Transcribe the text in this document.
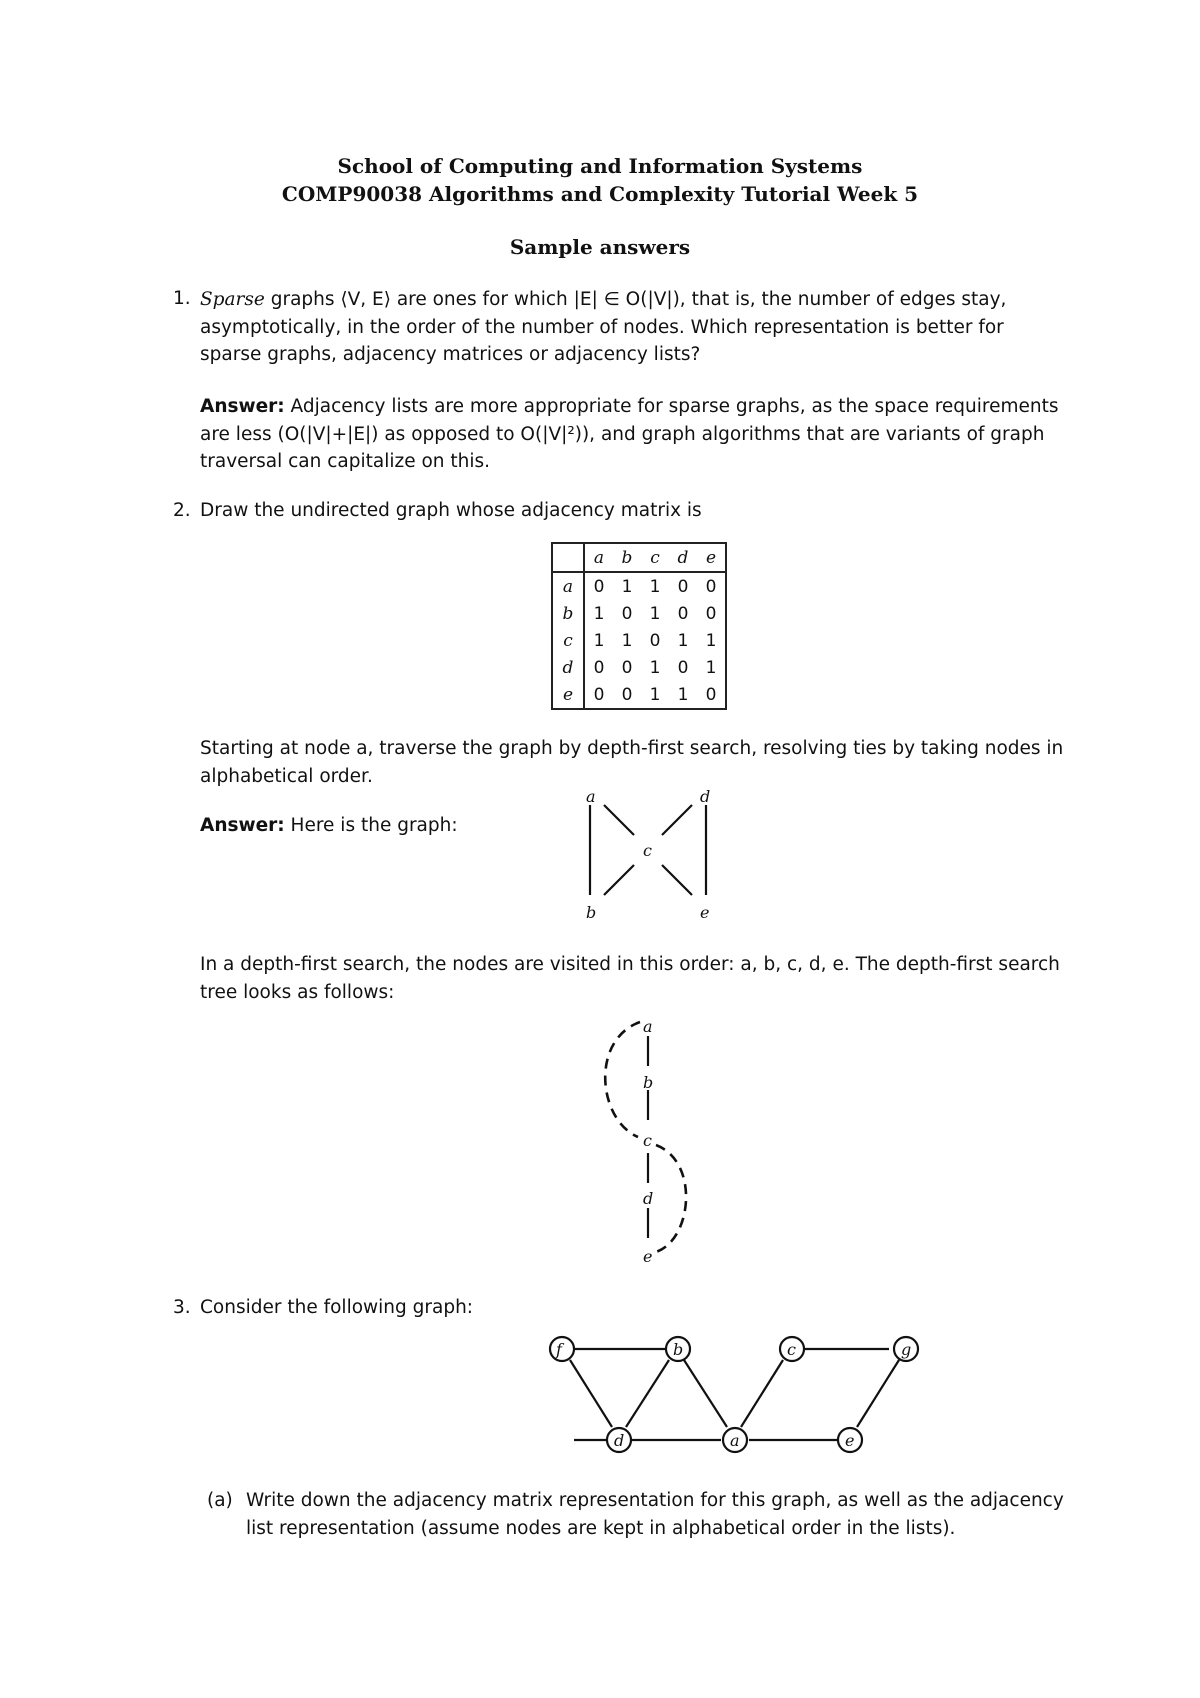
School of Computing and Information Systems
COMP90038 Algorithms and Complexity Tutorial Week 5
Sample answers
1. Sparse graphs ⟨V, E⟩ are ones for which |E| ∈ O(|V|), that is, the number of edges stay,
asymptotically, in the order of the number of nodes. Which representation is better for
sparse graphs, adjacency matrices or adjacency lists?
Answer: Adjacency lists are more appropriate for sparse graphs, as the space requirements
are less (O(|V|+|E|) as opposed to O(|V|²)), and graph algorithms that are variants of graph
traversal can capitalize on this.
2. Draw the undirected graph whose adjacency matrix is
	a	b	c	d	e
a	0	1	1	0	0
b	1	0	1	0	0
c	1	1	0	1	1
d	0	0	1	0	1
e	0	0	1	1	0
Starting at node a, traverse the graph by depth-first search, resolving ties by taking nodes in
alphabetical order.
Answer: Here is the graph:
a	d
c
b	e
a
b
c
d
e
f	b	c	g
d	a	e
In a depth-first search, the nodes are visited in this order: a, b, c, d, e. The depth-first search
tree looks as follows:
3. Consider the following graph:
(a) Write down the adjacency matrix representation for this graph, as well as the adjacency
list representation (assume nodes are kept in alphabetical order in the lists).
